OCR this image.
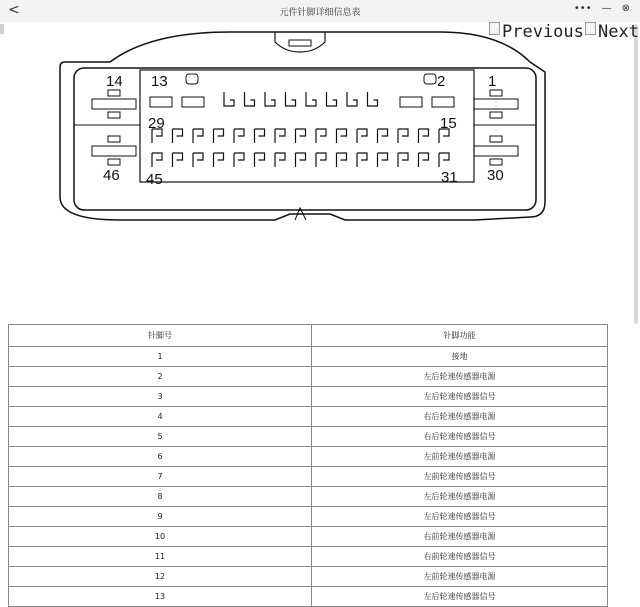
<	元件针脚详细信息表	••• — ⊗
Previous Next
14 13	2	1
29	15
46 45	31 30
针脚号	针脚功能
1	接地
2	左后轮速传感器电源
3	左后轮速传感器信号
4	右后轮速传感器电源
5	右后轮速传感器信号
6	左前轮速传感器电源
7	左前轮速传感器信号
8	左后轮速传感器电源
9	左后轮速传感器信号
10	右前轮速传感器电源
11	右前轮速传感器信号
12	左前轮速传感器电源
13	左后轮速传感器信号
